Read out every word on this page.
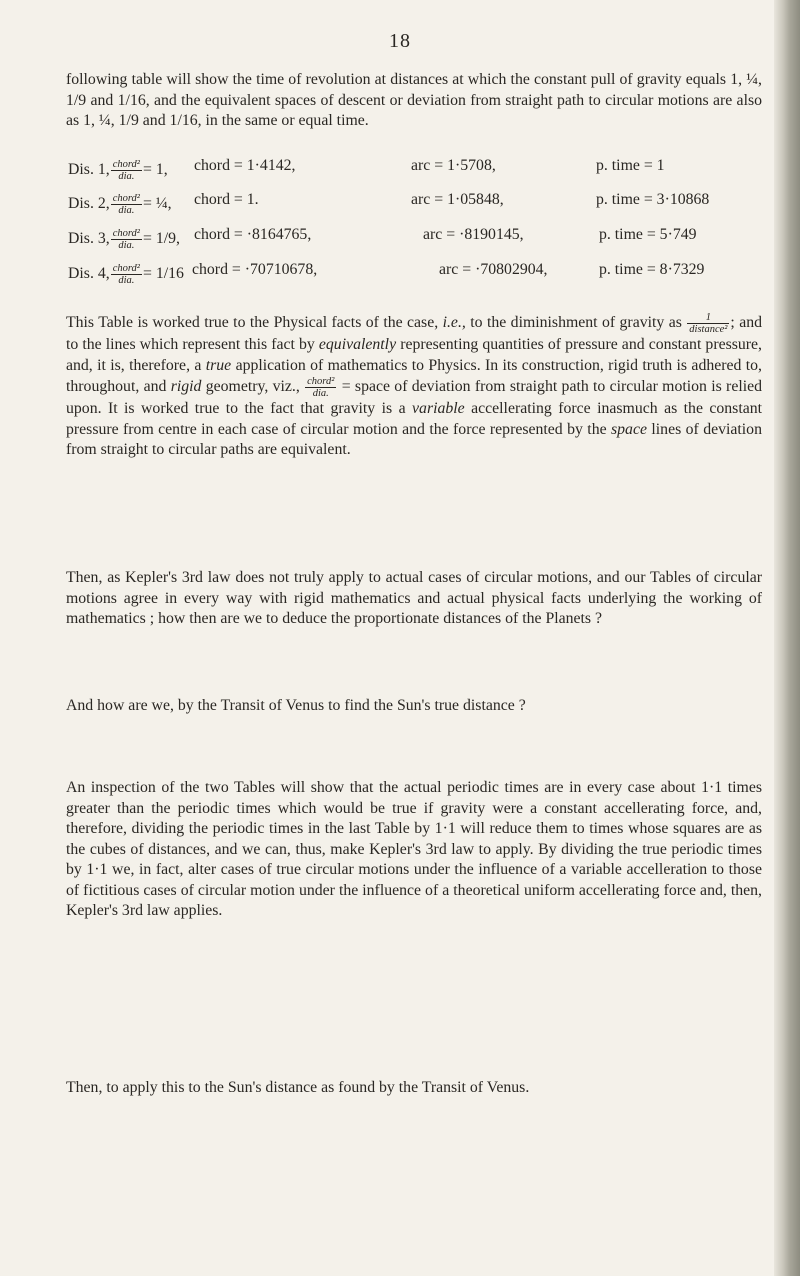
18

following table will show the time of revolution at distances at which the constant pull of gravity equals 1, ¼, 1/9 and 1/16, and the equivalent spaces of descent or deviation from straight path to circular motions are also as 1, ¼, 1/9 and 1/16, in the same or equal time.

Dis. 1, $\frac{\text{chord²}}{\text{dia.}} = 1$, chord = 1·4142,	arc = 1·5708,	p. time = 1
Dis. 2, $\frac{\text{chord²}}{\text{dia.}}$ = ¼, chord = 1.	arc = 1·05848,	p. time = 3·10868
Dis. 3, $\frac{\text{chord²}}{\text{dia.}} = 1/9$, chord = ·8164765,	arc = ·8190145,	p. time = 5·749
Dis. 4, $\frac{\text{chord²}}{\text{dia.}} = 1/16$ chord = ·70710678,	arc = ·70802904,	p. time = 8·7329

This Table is worked true to the Physical facts of the case, i.e., to the diminishment of gravity as $\frac{1}{\text{distance²}}$ ; and to the lines which represent this fact by equivalently representing quantities of pressure and constant pressure, and, it is, therefore, a true application of mathematics to Physics. In its construction, rigid truth is adhered to, throughout, and rigid geometry, viz., $\frac{\text{chord²}}{\text{dia.}}$ = space of deviation from straight path to circular motion is relied upon. It is worked true to the fact that gravity is a variable accellerating force inasmuch as the constant pressure from centre in each case of circular motion and the force represented by the space lines of deviation from straight to circular paths are equivalent.

Then, as Kepler's 3rd law does not truly apply to actual cases of circular motions, and our Tables of circular motions agree in every way with rigid mathematics and actual physical facts underlying the working of mathematics ; how then are we to deduce the proportionate distances of the Planets ?

And how are we, by the Transit of Venus to find the Sun's true distance ?

An inspection of the two Tables will show that the actual periodic times are in every case about 1·1 times greater than the periodic times which would be true if gravity were a constant accellerating force, and, therefore, dividing the periodic times in the last Table by 1·1 will reduce them to times whose squares are as the cubes of distances, and we can, thus, make Kepler's 3rd law to apply. By dividing the true periodic times by 1·1 we, in fact, alter cases of true circular motions under the influence of a variable accelleration to those of fictitious cases of circular motion under the influence of a theoretical uniform accellerating force and, then, Kepler's 3rd law applies.

Then, to apply this to the Sun's distance as found by the Transit of Venus.
